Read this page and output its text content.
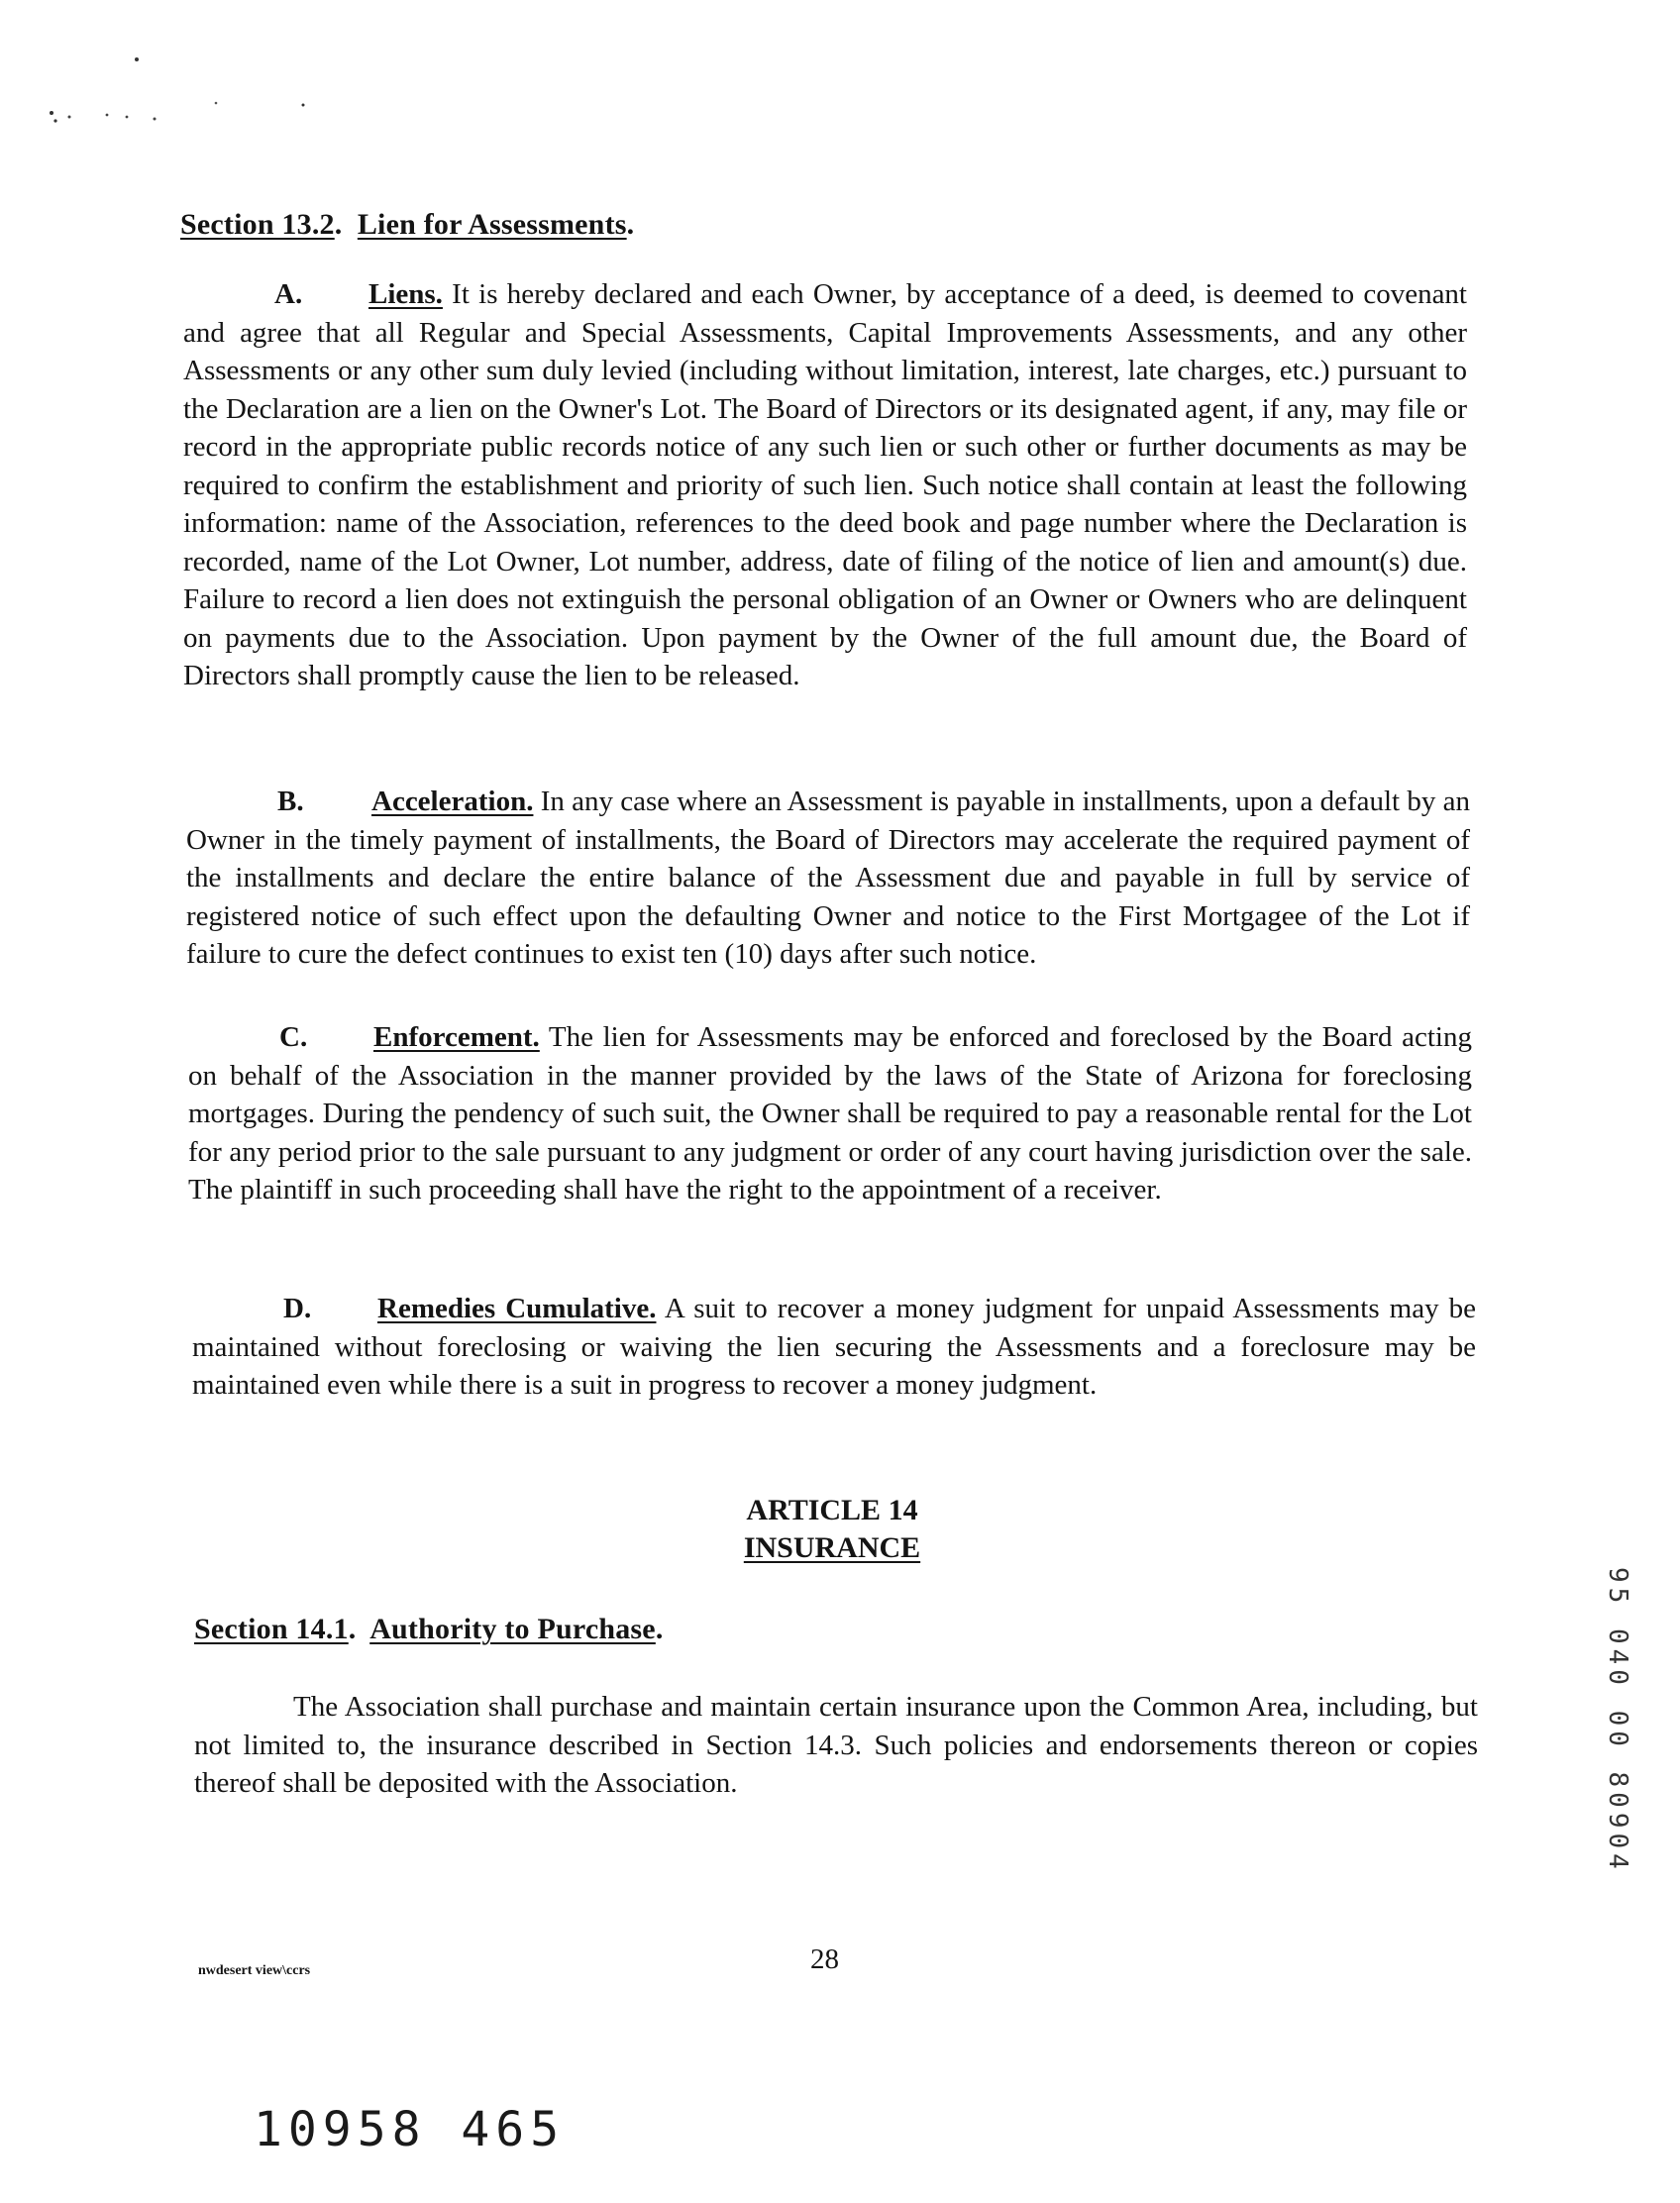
Section 13.2.  Lien for Assessments.

A. Liens. It is hereby declared and each Owner, by acceptance of a deed, is deemed to covenant and agree that all Regular and Special Assessments, Capital Improvements Assessments, and any other Assessments or any other sum duly levied (including without limitation, interest, late charges, etc.) pursuant to the Declaration are a lien on the Owner's Lot. The Board of Directors or its designated agent, if any, may file or record in the appropriate public records notice of any such lien or such other or further documents as may be required to confirm the establishment and priority of such lien. Such notice shall contain at least the following information: name of the Association, references to the deed book and page number where the Declaration is recorded, name of the Lot Owner, Lot number, address, date of filing of the notice of lien and amount(s) due. Failure to record a lien does not extinguish the personal obligation of an Owner or Owners who are delinquent on payments due to the Association. Upon payment by the Owner of the full amount due, the Board of Directors shall promptly cause the lien to be released.

B. Acceleration. In any case where an Assessment is payable in installments, upon a default by an Owner in the timely payment of installments, the Board of Directors may accelerate the required payment of the installments and declare the entire balance of the Assessment due and payable in full by service of registered notice of such effect upon the defaulting Owner and notice to the First Mortgagee of the Lot if failure to cure the defect continues to exist ten (10) days after such notice.

C. Enforcement. The lien for Assessments may be enforced and foreclosed by the Board acting on behalf of the Association in the manner provided by the laws of the State of Arizona for foreclosing mortgages. During the pendency of such suit, the Owner shall be required to pay a reasonable rental for the Lot for any period prior to the sale pursuant to any judgment or order of any court having jurisdiction over the sale. The plaintiff in such proceeding shall have the right to the appointment of a receiver.

D. Remedies Cumulative. A suit to recover a money judgment for unpaid Assessments may be maintained without foreclosing or waiving the lien securing the Assessments and a foreclosure may be maintained even while there is a suit in progress to recover a money judgment.

ARTICLE 14
INSURANCE
Section 14.1.  Authority to Purchase.

The Association shall purchase and maintain certain insurance upon the Common Area, including, but not limited to, the insurance described in Section 14.3. Such policies and endorsements thereon or copies thereof shall be deposited with the Association.

nwdesert view\ccrs	28
10958 465
95 040 00 80904
